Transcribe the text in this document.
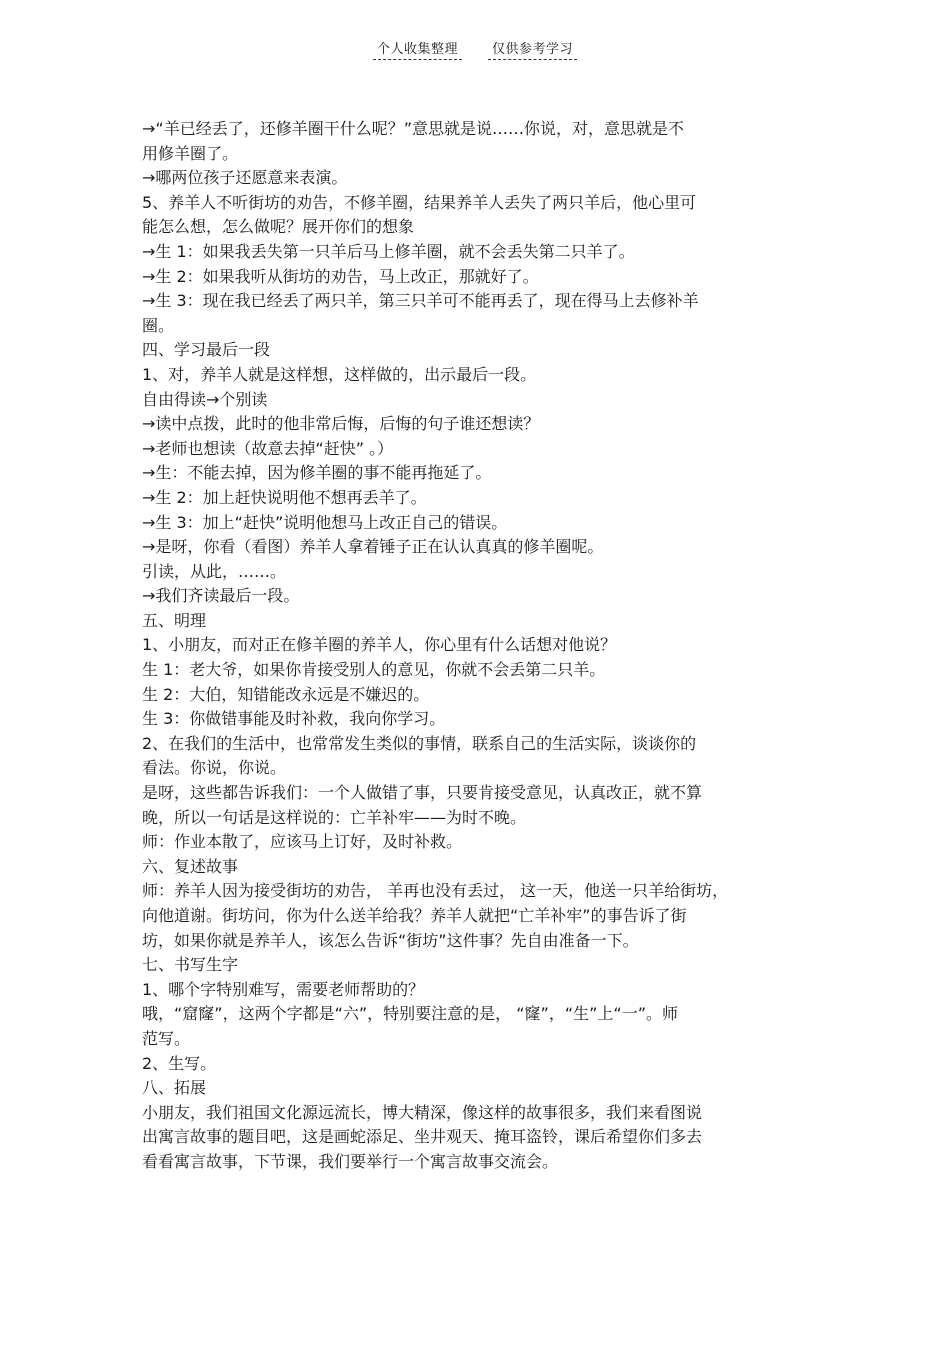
个人收集整理	仅供参考学习
→“羊已经丢了，还修羊圈干什么呢？”意思就是说……你说，对，意思就是不
用修羊圈了。
→哪两位孩子还愿意来表演。
5、养羊人不听街坊的劝告，不修羊圈，结果养羊人丢失了两只羊后，他心里可
能怎么想，怎么做呢？展开你们的想象
→生 1：如果我丢失第一只羊后马上修羊圈，就不会丢失第二只羊了。
→生 2：如果我听从街坊的劝告，马上改正，那就好了。
→生 3：现在我已经丢了两只羊，第三只羊可不能再丢了，现在得马上去修补羊
圈。
四、学习最后一段
1、对，养羊人就是这样想，这样做的，出示最后一段。
自由得读→个别读
→读中点拨，此时的他非常后悔，后悔的句子谁还想读？
→老师也想读（故意去掉“赶快” 。）
→生：不能去掉，因为修羊圈的事不能再拖延了。
→生 2：加上赶快说明他不想再丢羊了。
→生 3：加上“赶快”说明他想马上改正自己的错误。
→是呀，你看（看图）养羊人拿着锤子正在认认真真的修羊圈呢。
引读，从此，……。
→我们齐读最后一段。
五、明理
1、小朋友，而对正在修羊圈的养羊人，你心里有什么话想对他说？
生 1：老大爷，如果你肯接受别人的意见，你就不会丢第二只羊。
生 2：大伯，知错能改永远是不嫌迟的。
生 3：你做错事能及时补救，我向你学习。
2、在我们的生活中，也常常发生类似的事情，联系自己的生活实际，谈谈你的
看法。你说，你说。
是呀，这些都告诉我们：一个人做错了事，只要肯接受意见，认真改正，就不算
晚，所以一句话是这样说的：亡羊补牢——为时不晚。
师：作业本散了，应该马上订好，及时补救。
六、复述故事
师：养羊人因为接受街坊的劝告， 羊再也没有丢过， 这一天，他送一只羊给街坊，
向他道谢。街坊问，你为什么送羊给我？养羊人就把“亡羊补牢”的事告诉了街
坊，如果你就是养羊人，该怎么告诉“街坊”这件事？先自由准备一下。
七、书写生字
1、哪个字特别难写，需要老师帮助的？
哦，“窟窿”，这两个字都是“六”，特别要注意的是， “窿”，“生”上“一”。师
范写。
2、生写。
八、拓展
小朋友，我们祖国文化源远流长，博大精深，像这样的故事很多，我们来看图说
出寓言故事的题目吧，这是画蛇添足、坐井观天、掩耳盗铃，课后希望你们多去
看看寓言故事，下节课，我们要举行一个寓言故事交流会。
